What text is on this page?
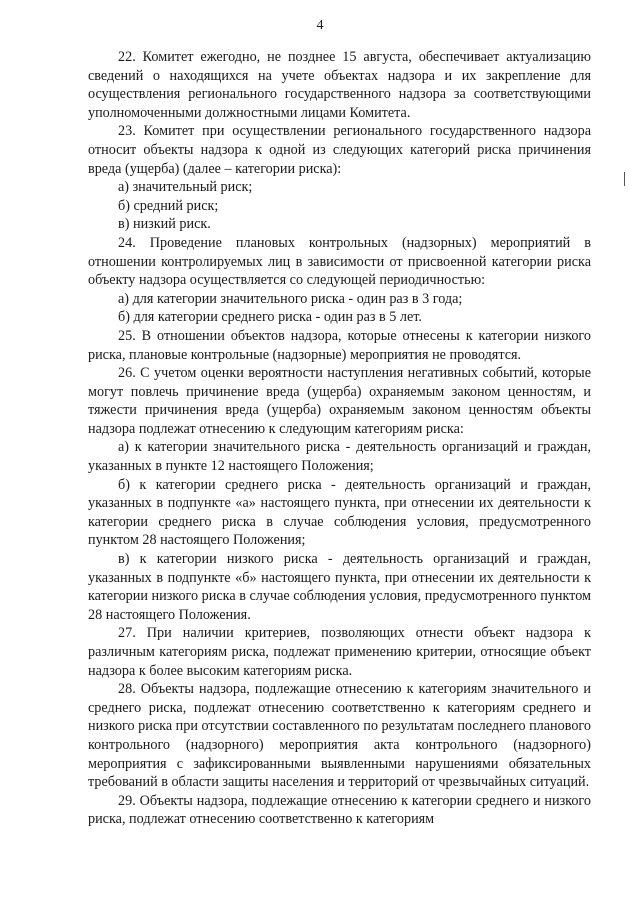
4

22. Комитет ежегодно, не позднее 15 августа, обеспечивает актуализацию сведений о находящихся на учете объектах надзора и их закрепление для осуществления регионального государственного надзора за соответствующими уполномоченными должностными лицами Комитета.

23. Комитет при осуществлении регионального государственного надзора относит объекты надзора к одной из следующих категорий риска причинения вреда (ущерба) (далее – категории риска):

а) значительный риск;

б) средний риск;

в) низкий риск.

24. Проведение плановых контрольных (надзорных) мероприятий в отношении контролируемых лиц в зависимости от присвоенной категории риска объекту надзора осуществляется со следующей периодичностью:

а) для категории значительного риска - один раз в 3 года;

б) для категории среднего риска - один раз в 5 лет.

25. В отношении объектов надзора, которые отнесены к категории низкого риска, плановые контрольные (надзорные) мероприятия не проводятся.

26. С учетом оценки вероятности наступления негативных событий, которые могут повлечь причинение вреда (ущерба) охраняемым законом ценностям, и тяжести причинения вреда (ущерба) охраняемым законом ценностям объекты надзора подлежат отнесению к следующим категориям риска:

а) к категории значительного риска - деятельность организаций и граждан, указанных в пункте 12 настоящего Положения;

б) к категории среднего риска - деятельность организаций и граждан, указанных в подпункте «а» настоящего пункта, при отнесении их деятельности к категории среднего риска в случае соблюдения условия, предусмотренного пунктом 28 настоящего Положения;

в) к категории низкого риска - деятельность организаций и граждан, указанных в подпункте «б» настоящего пункта, при отнесении их деятельности к категории низкого риска в случае соблюдения условия, предусмотренного пунктом 28 настоящего Положения.

27. При наличии критериев, позволяющих отнести объект надзора к различным категориям риска, подлежат применению критерии, относящие объект надзора к более высоким категориям риска.

28. Объекты надзора, подлежащие отнесению к категориям значительного и среднего риска, подлежат отнесению соответственно к категориям среднего и низкого риска при отсутствии составленного по результатам последнего планового контрольного (надзорного) мероприятия акта контрольного (надзорного) мероприятия с зафиксированными выявленными нарушениями обязательных требований в области защиты населения и территорий от чрезвычайных ситуаций.

29. Объекты надзора, подлежащие отнесению к категории среднего и низкого риска, подлежат отнесению соответственно к категориям
